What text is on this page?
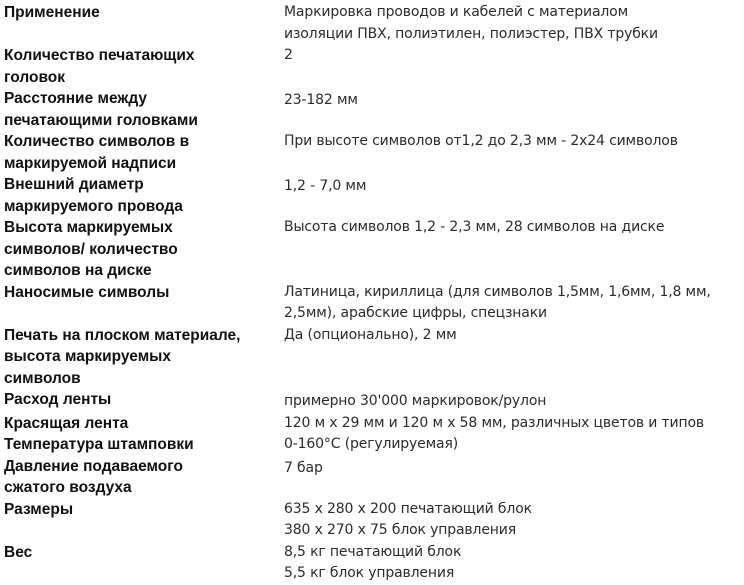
Применение	Маркировка проводов и кабелей с материалом
изоляции ПВХ, полиэтилен, полиэстер, ПВХ трубки

Количество печатающих
головок	2

Расстояние между
печатающими головками	23-182 мм

Количество символов в
маркируемой надписи	При высоте символов от1,2 до 2,3 мм - 2х24 символов

Внешний диаметр
маркируемого провода	1,2 - 7,0 мм

Высота маркируемых
символов/ количество
символов на диске	Высота символов 1,2 - 2,3 мм, 28 символов на диске

Наносимые символы	Латиница, кириллица (для символов 1,5мм, 1,6мм, 1,8 мм,
2,5мм), арабские цифры, спецзнаки

Печать на плоском материале,
высота маркируемых
символов	Да (опционально), 2 мм

Расход ленты	примерно 30'000 маркировок/рулон

Красящая лента	120 м х 29 мм и 120 м х 58 мм, различных цветов и типов

Температура штамповки	0-160°C (регулируемая)

Давление подаваемого
сжатого воздуха	7 бар

Размеры	635 х 280 х 200 печатающий блок
380 х 270 х 75 блок управления

Вес	8,5 кг печатающий блок
5,5 кг блок управления
